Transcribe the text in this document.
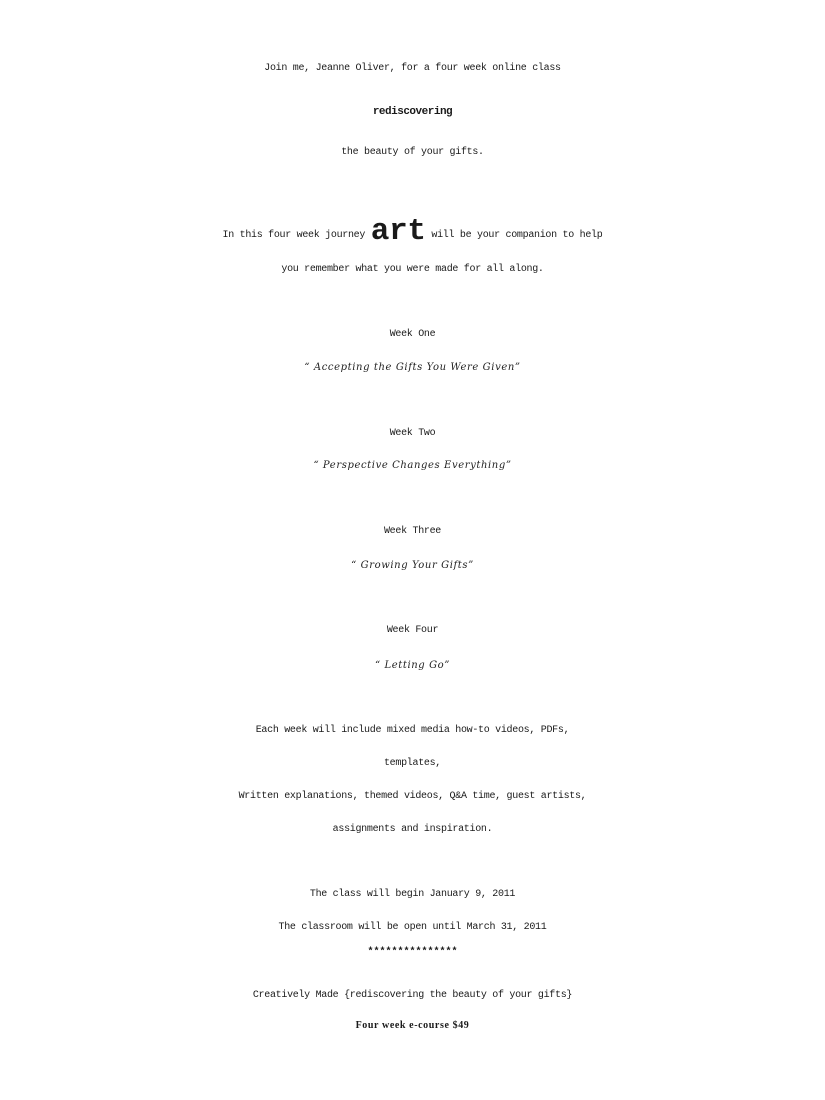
Join me, Jeanne Oliver, for a four week online class
rediscovering
the beauty of your gifts.
In this four week journey art will be your companion to help
you remember what you were made for all along.
Week One
“ Accepting the Gifts You Were Given”
Week Two
“ Perspective Changes Everything”
Week Three
“ Growing Your Gifts”
Week Four
“ Letting Go”
Each week will include mixed media how-to videos, PDFs,
templates,
Written explanations, themed videos, Q&A time, guest artists,
assignments and inspiration.
The class will begin January 9, 2011
The classroom will be open until March 31, 2011
***************
Creatively Made {rediscovering the beauty of your gifts}
Four week e-course $49
